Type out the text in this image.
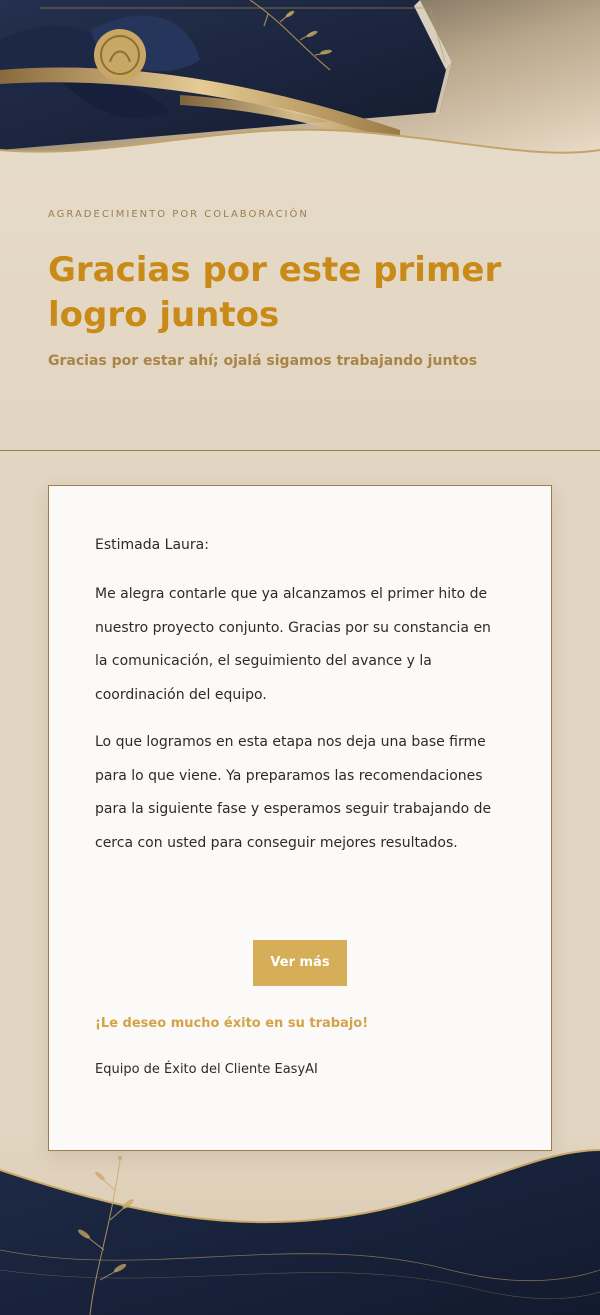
AGRADECIMIENTO POR COLABORACIÓN
Gracias por este primer logro juntos

Gracias por estar ahí; ojalá sigamos trabajando juntos

Estimada Laura:

Me alegra contarle que ya alcanzamos el primer hito de nuestro proyecto conjunto. Gracias por su constancia en la comunicación, el seguimiento del avance y la coordinación del equipo.

Lo que logramos en esta etapa nos deja una base firme para lo que viene. Ya preparamos las recomendaciones para la siguiente fase y esperamos seguir trabajando de cerca con usted para conseguir mejores resultados.

Ver más

¡Le deseo mucho éxito en su trabajo!

Equipo de Éxito del Cliente EasyAI
